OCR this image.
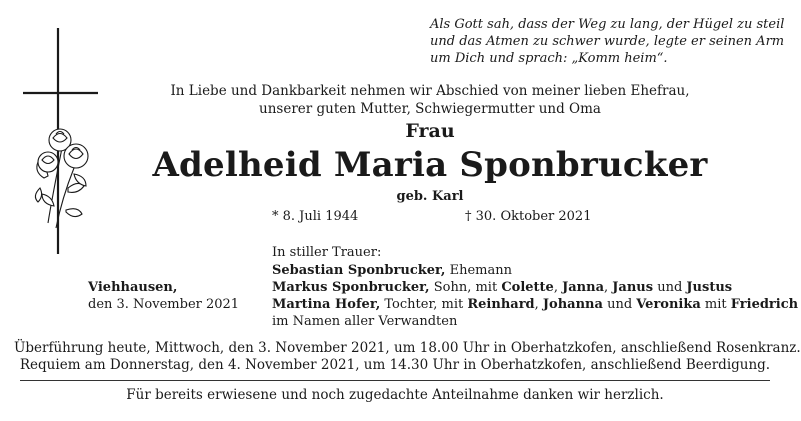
Als Gott sah, dass der Weg zu lang, der Hügel zu steil
und das Atmen zu schwer wurde, legte er seinen Arm
um Dich und sprach: „Komm heim“.
In Liebe und Dankbarkeit nehmen wir Abschied von meiner lieben Ehefrau,
unserer guten Mutter, Schwiegermutter und Oma
Frau
Adelheid Maria Sponbrucker
geb. Karl
* 8. Juli 1944	† 30. Oktober 2021
In stiller Trauer:
Viehhausen,
den 3. November 2021
Sebastian Sponbrucker, Ehemann
Markus Sponbrucker, Sohn, mit Colette, Janna, Janus und Justus
Martina Hofer, Tochter, mit Reinhard, Johanna und Veronika mit Friedrich
im Namen aller Verwandten
Überführung heute, Mittwoch, den 3. November 2021, um 18.00 Uhr in Oberhatzkofen, anschließend Rosenkranz.
Requiem am Donnerstag, den 4. November 2021, um 14.30 Uhr in Oberhatzkofen, anschließend Beerdigung.
Für bereits erwiesene und noch zugedachte Anteilnahme danken wir herzlich.
